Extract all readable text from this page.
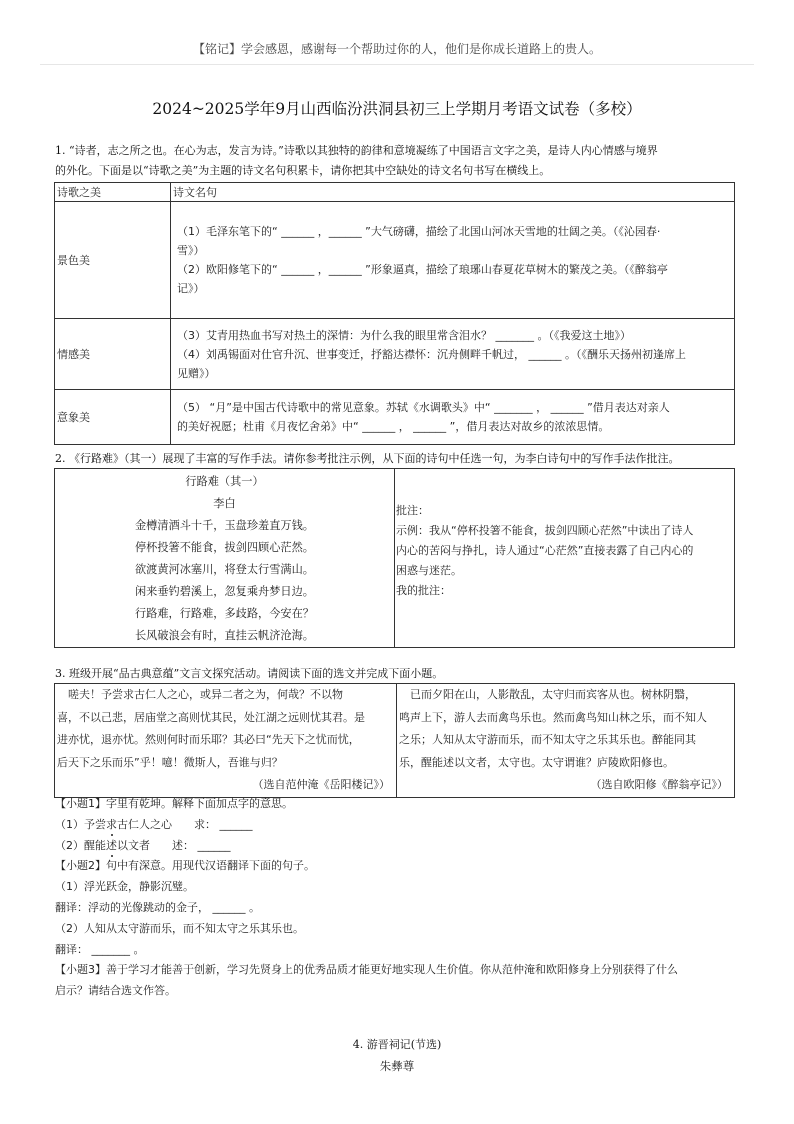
【铭记】学会感恩，感谢每一个帮助过你的人，他们是你成长道路上的贵人。
2024~2025学年9月山西临汾洪洞县初三上学期月考语文试卷（多校）
1. “诗者，志之所之也。在心为志，发言为诗。”诗歌以其独特的韵律和意境凝练了中国语言文字之美，是诗人内心情感与境界
的外化。下面是以“诗歌之美”为主题的诗文名句积累卡，请你把其中空缺处的诗文名句书写在横线上。
诗歌之美	诗文名句
景色美	（1）毛泽东笔下的“ ______ ，______ ”大气磅礴，描绘了北国山河冰天雪地的壮阔之美。（《沁园春·
雪》）
（2）欧阳修笔下的“ ______ ，______ ”形象逼真，描绘了琅琊山春夏花草树木的繁茂之美。（《醉翁亭
记》）

情感美	（3）艾青用热血书写对热土的深情：为什么我的眼里常含泪水？ _______ 。（《我爱这土地》）
（4）刘禹锡面对仕官升沉、世事变迁，抒豁达襟怀：沉舟侧畔千帆过， ______ 。（《酬乐天扬州初逢席上
见赠》）

意象美	（5） “月”是中国古代诗歌中的常见意象。苏轼《水调歌头》中“ _______ ， ______ ”借月表达对亲人
的美好祝愿；杜甫《月夜忆舍弟》中“ ______ ， ______ ”，借月表达对故乡的浓浓思情。
2. 《行路难》（其一）展现了丰富的写作手法。请你参考批注示例，从下面的诗句中任选一句，为李白诗句中的写作手法作批注。
行路难（其一）
李白
金樽清酒斗十千，玉盘珍羞直万钱。
停杯投箸不能食，拔剑四顾心茫然。
欲渡黄河冰塞川，将登太行雪满山。
闲来垂钓碧溪上，忽复乘舟梦日边。
行路难，行路难，多歧路，今安在？
长风破浪会有时，直挂云帆济沧海。

批注：
示例：我从“停杯投箸不能食，拔剑四顾心茫然”中读出了诗人
内心的苦闷与挣扎，诗人通过“心茫然”直接表露了自己内心的
困惑与迷茫。
我的批注：
3. 班级开展“品古典意蕴”文言文探究活动。请阅读下面的选文并完成下面小题。
　嗟夫！予尝求古仁人之心，或异二者之为，何哉？不以物
喜，不以己悲，居庙堂之高则忧其民，处江湖之远则忧其君。是
进亦忧，退亦忧。然则何时而乐耶？其必曰“先天下之忧而忧，
后天下之乐而乐”乎！噫！微斯人，吾谁与归？
（选自范仲淹《岳阳楼记》）

　已而夕阳在山，人影散乱，太守归而宾客从也。树林阴翳，
鸣声上下，游人去而禽鸟乐也。然而禽鸟知山林之乐，而不知人
之乐；人知从太守游而乐，而不知太守之乐其乐也。醉能同其
乐，醒能述以文者，太守也。太守谓谁？庐陵欧阳修也。
（选自欧阳修《醉翁亭记》）
【小题1】字里有乾坤。解释下面加点字的意思。
（1）予尝求古仁人之心　　求： ______
（2）醒能述以文者　　述： ______
【小题2】句中有深意。用现代汉语翻译下面的句子。
（1）浮光跃金，静影沉璧。
翻译：浮动的光像跳动的金子， ______ 。
（2）人知从太守游而乐，而不知太守之乐其乐也。
翻译： _______ 。
【小题3】善于学习才能善于创新，学习先贤身上的优秀品质才能更好地实现人生价值。你从范仲淹和欧阳修身上分别获得了什么
启示？请结合选文作答。
4. 游晋祠记(节选)
朱彝尊
